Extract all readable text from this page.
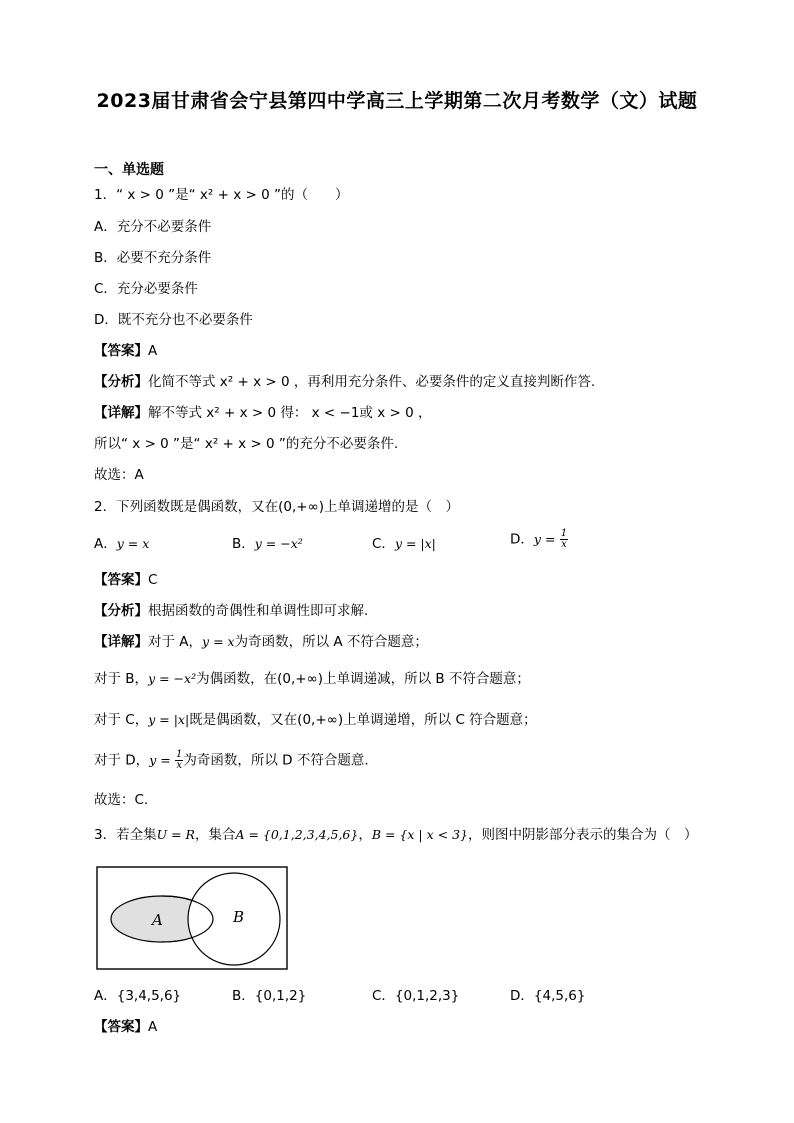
2023届甘肃省会宁县第四中学高三上学期第二次月考数学（文）试题
一、单选题
1．“ x > 0 ”是“ x² + x > 0 ”的（　　）
A．充分不必要条件
B．必要不充分条件
C．充分必要条件
D．既不充分也不必要条件
【答案】A
【分析】化简不等式 x² + x > 0 ，再利用充分条件、必要条件的定义直接判断作答.
【详解】解不等式 x² + x > 0 得： x < −1或 x > 0 ，
所以“ x > 0 ”是“ x² + x > 0 ”的充分不必要条件.
故选：A
2．下列函数既是偶函数，又在(0,+∞)上单调递增的是（　）
A．y = x	B．y = −x²	C．y = |x|	D．$y = \frac{1}{x}$
【答案】C
【分析】根据函数的奇偶性和单调性即可求解.
【详解】对于 A，y = x为奇函数，所以 A 不符合题意；
对于 B，y = −x²为偶函数，在(0,+∞)上单调递减，所以 B 不符合题意；
对于 C，y = |x|既是偶函数，又在(0,+∞)上单调递增，所以 C 符合题意；
对于 D，$y = \frac{1}{x}$ 为奇函数，所以 D 不符合题意.
故选：C.
3．若全集U = R，集合A = {0,1,2,3,4,5,6}，B = {x | x < 3}，则图中阴影部分表示的集合为（　）
A	B
A．{3,4,5,6}	B．{0,1,2}	C．{0,1,2,3}	D．{4,5,6}
【答案】A
